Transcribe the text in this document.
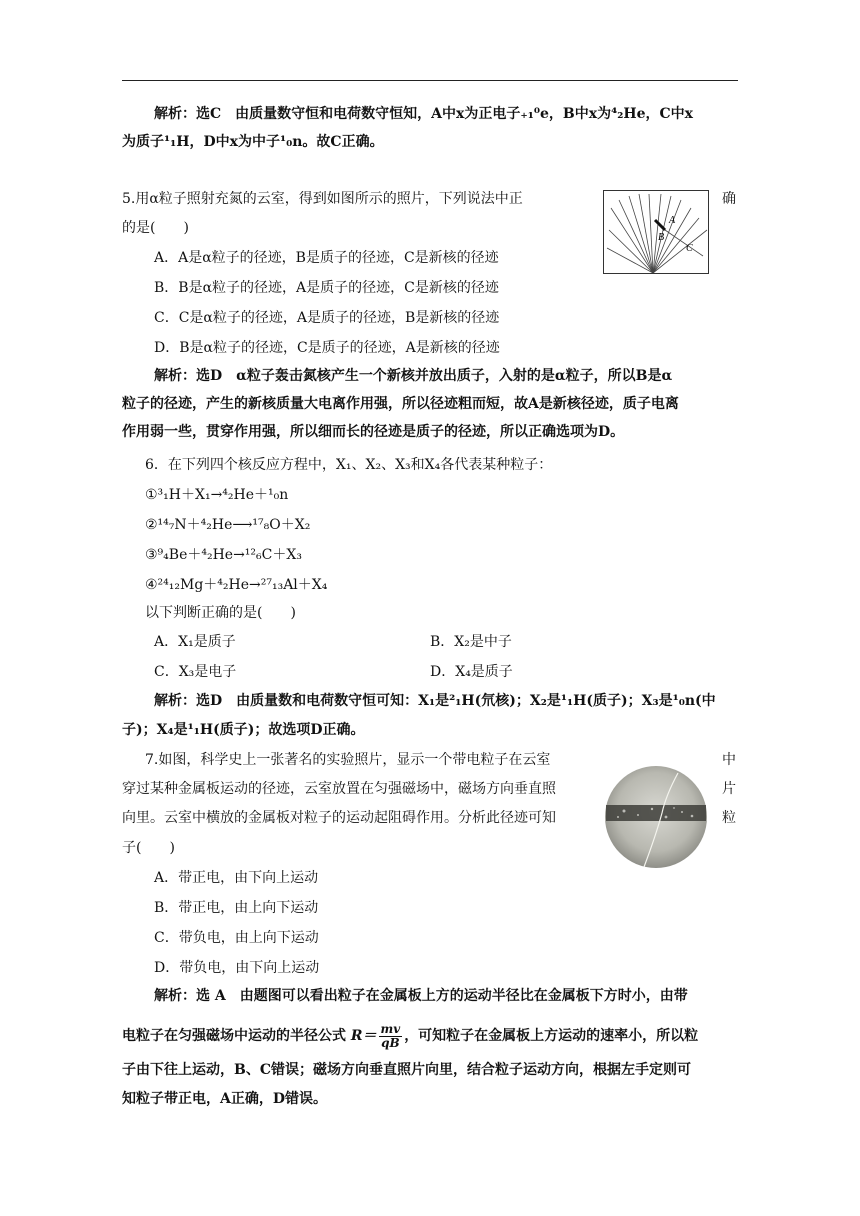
解析：选C　由质量数守恒和电荷数守恒知，A中x为正电子₊₁⁰e，B中x为⁴₂He，C中x
为质子¹₁H，D中x为中子¹₀n。故C正确。
5.用α粒子照射充氮的云室，得到如图所示的照片，下列说法中正	确
的是(　　)	A
B
C
A．A是α粒子的径迹，B是质子的径迹，C是新核的径迹
B．B是α粒子的径迹，A是质子的径迹，C是新核的径迹
C．C是α粒子的径迹，A是质子的径迹，B是新核的径迹
D．B是α粒子的径迹，C是质子的径迹，A是新核的径迹
解析：选D　α粒子轰击氮核产生一个新核并放出质子，入射的是α粒子，所以B是α
粒子的径迹，产生的新核质量大电离作用强，所以径迹粗而短，故A是新核径迹，质子电离
作用弱一些，贯穿作用强，所以细而长的径迹是质子的径迹，所以正确选项为D。
6．在下列四个核反应方程中，X₁、X₂、X₃和X₄各代表某种粒子：
①³₁H＋X₁→⁴₂He＋¹₀n
②¹⁴₇N＋⁴₂He⟶¹⁷₈O＋X₂
③⁹₄Be＋⁴₂He→¹²₆C＋X₃
④²⁴₁₂Mg＋⁴₂He→²⁷₁₃Al＋X₄
以下判断正确的是(　　)
A．X₁是质子	B．X₂是中子
C．X₃是电子	D．X₄是质子
解析：选D　由质量数和电荷数守恒可知：X₁是²₁H(氘核)；X₂是¹₁H(质子)；X₃是¹₀n(中
子)；X₄是¹₁H(质子)；故选项D正确。
7.如图，科学史上一张著名的实验照片，显示一个带电粒子在云室	中
穿过某种金属板运动的径迹，云室放置在匀强磁场中，磁场方向垂直照	片
向里。云室中横放的金属板对粒子的运动起阻碍作用。分析此径迹可知	粒
子(　　)
A．带正电，由下向上运动
B．带正电，由上向下运动
C．带负电，由上向下运动
D．带负电，由下向上运动
解析：选 A　由题图可以看出粒子在金属板上方的运动半径比在金属板下方时小，由带
电粒子在匀强磁场中运动的半径公式 $R= \frac{mv}{qB}$ ，可知粒子在金属板上方运动的速率小，所以粒
子由下往上运动，B、C错误；磁场方向垂直照片向里，结合粒子运动方向，根据左手定则可
知粒子带正电，A正确，D错误。
